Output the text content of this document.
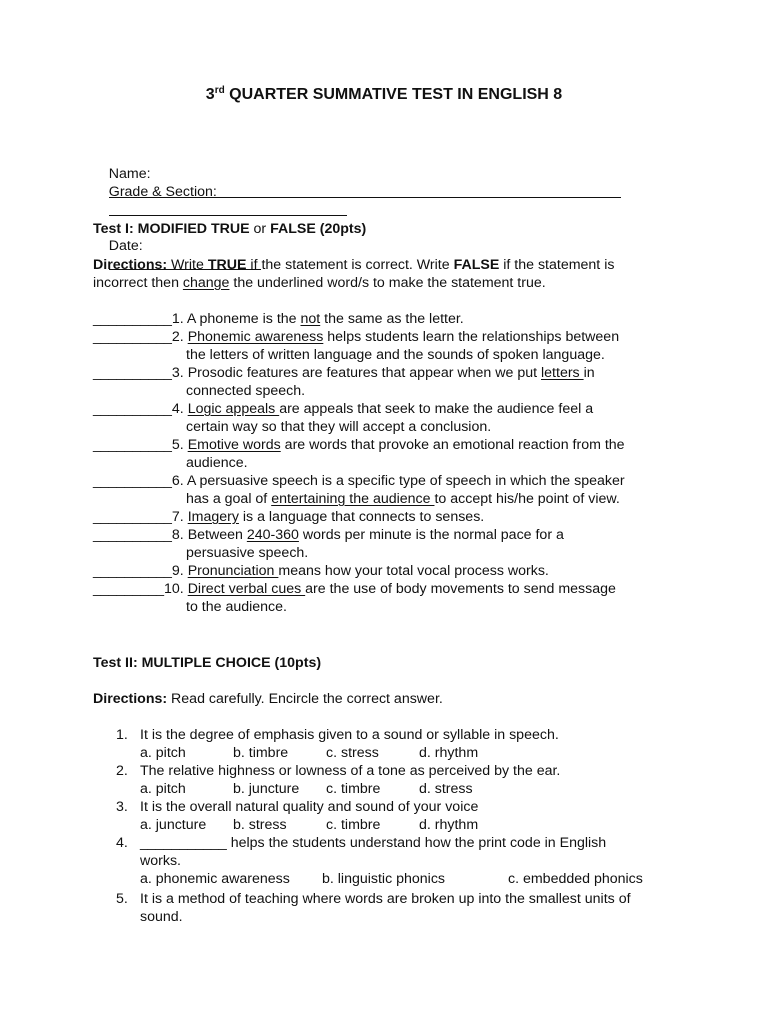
3rd QUARTER SUMMATIVE TEST IN ENGLISH 8

Name:

Grade & Section:

Date:

Test I: MODIFIED TRUE or FALSE (20pts)
Directions: Write TRUE if the statement is correct. Write FALSE if the statement is
incorrect then change the underlined word/s to make the statement true.
__________1. A phoneme is the not the same as the letter.
__________2. Phonemic awareness helps students learn the relationships between
the letters of written language and the sounds of spoken language.
__________3. Prosodic features are features that appear when we put letters in
connected speech.
__________4. Logic appeals are appeals that seek to make the audience feel a
certain way so that they will accept a conclusion.
__________5. Emotive words are words that provoke an emotional reaction from the
audience.
__________6. A persuasive speech is a specific type of speech in which the speaker
has a goal of entertaining the audience to accept his/he point of view.
__________7. Imagery is a language that connects to senses.
__________8. Between 240-360 words per minute is the normal pace for a
persuasive speech.
__________9. Pronunciation means how your total vocal process works.
_________10. Direct verbal cues are the use of body movements to send message
to the audience.
Test II: MULTIPLE CHOICE (10pts)
Directions: Read carefully. Encircle the correct answer.
1. It is the degree of emphasis given to a sound or syllable in speech.
a. pitch	b. timbre	c. stress	d. rhythm
2. The relative highness or lowness of a tone as perceived by the ear.
a. pitch	b. juncture c. timbre	d. stress
3. It is the overall natural quality and sound of your voice
a. juncture b. stress	c. timbre	d. rhythm
4. ___________ helps the students understand how the print code in English
works.
a. phonemic awareness b. linguistic phonics	c. embedded phonics
5. It is a method of teaching where words are broken up into the smallest units of
sound.
